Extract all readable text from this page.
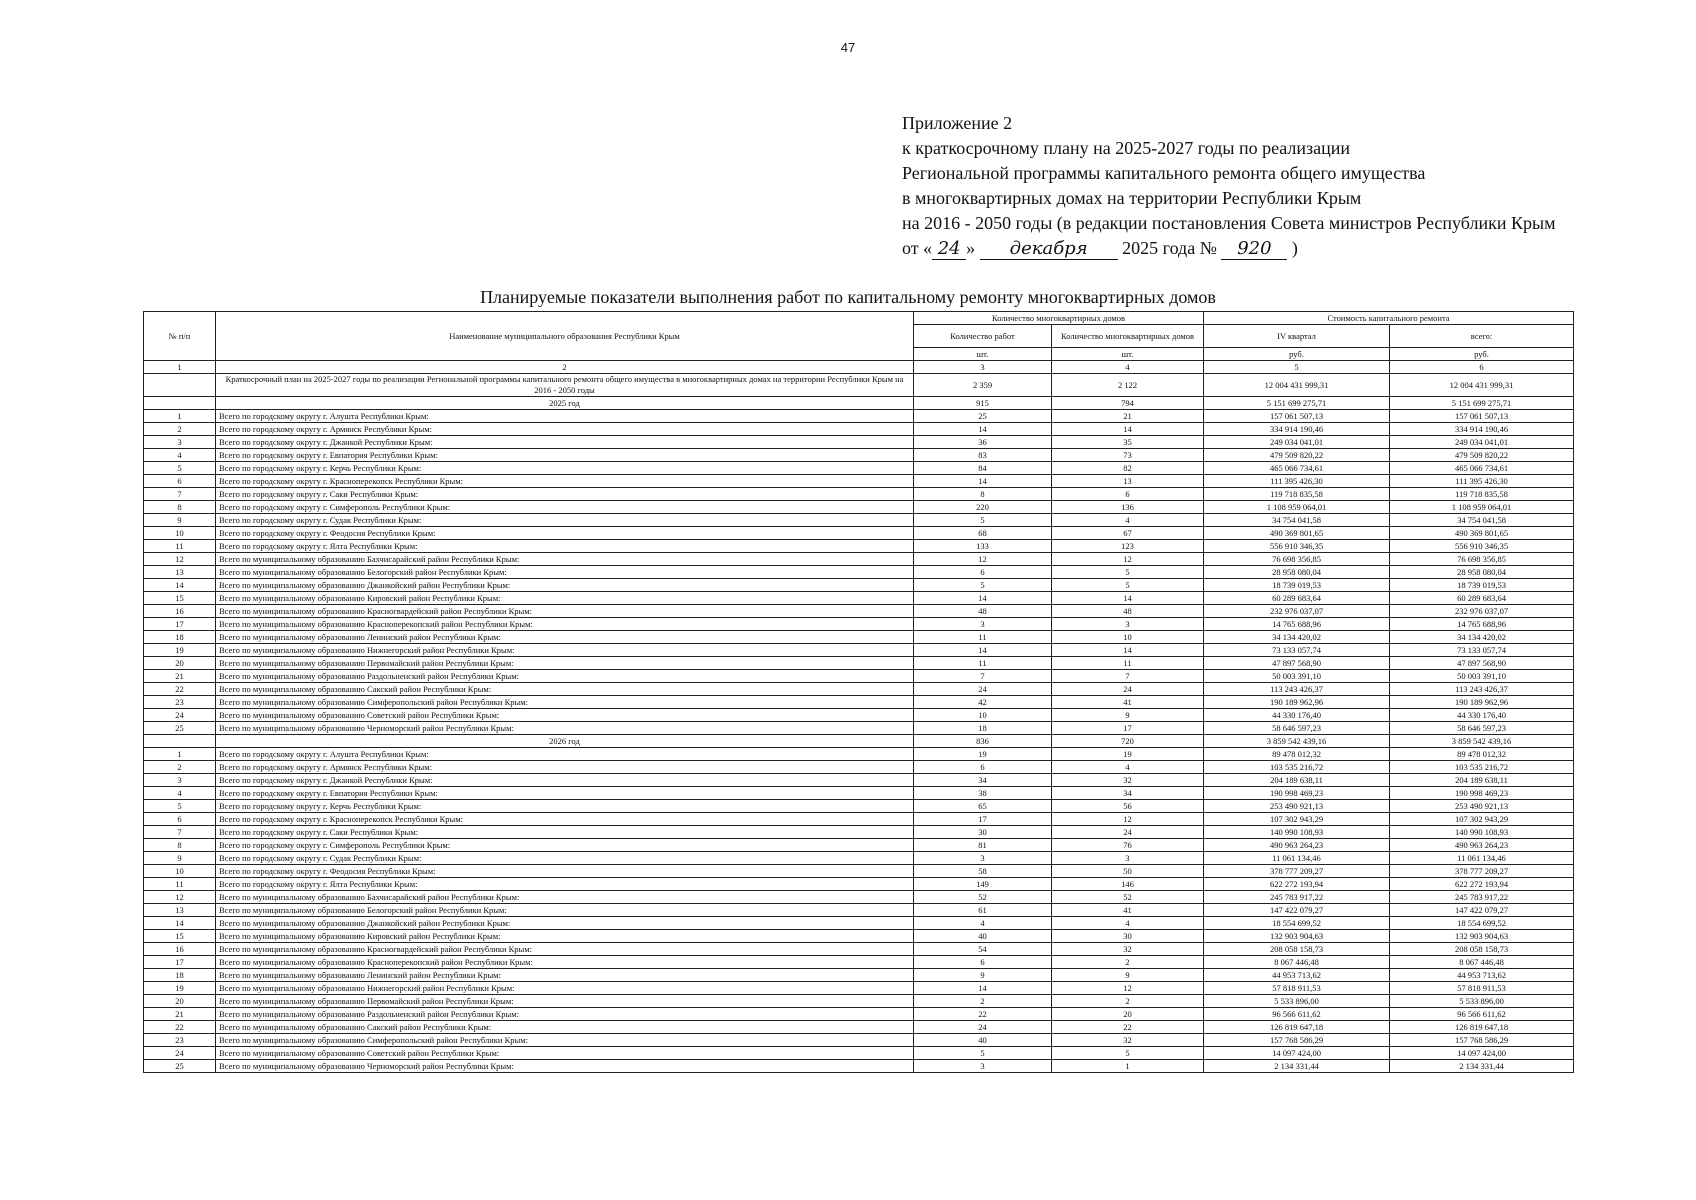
47
Приложение 2
к краткосрочному плану на 2025-2027 годы по реализации
Региональной программы капитального ремонта общего имущества
в многоквартирных домах на территории Республики Крым
на 2016 - 2050 годы (в редакции постановления Совета министров Республики Крым
от « 24 » декабря 2025 года № 920 )
Планируемые показатели выполнения работ по капитальному ремонту многоквартирных домов
№ п/п	Наименование муниципального образования Республики Крым	Количество многоквартирных домов		Стоимость капитального ремонта	
		Количество работ	Количество многоквартирных домов	IV квартал	всего:
		шт.	шт.	руб.	руб.
1	2	3	4	5	6
	Краткосрочный план на 2025-2027 годы по реализации Региональной программы капитального ремонта общего имущества в многоквартирных домах на территории Республики Крым на 2016 - 2050 годы	2 359	2 122	12 004 431 999,31	12 004 431 999,31
	2025 год	915	794	5 151 699 275,71	5 151 699 275,71
1	Всего по городскому округу г. Алушта Республики Крым:	25	21	157 061 507,13	157 061 507,13
2	Всего по городскому округу г. Армянск Республики Крым:	14	14	334 914 190,46	334 914 190,46
3	Всего по городскому округу г. Джанкой Республики Крым:	36	35	249 034 041,01	249 034 041,01
4	Всего по городскому округу г. Евпатория Республики Крым:	83	73	479 509 820,22	479 509 820,22
5	Всего по городскому округу г. Керчь Республики Крым:	84	82	465 066 734,61	465 066 734,61
6	Всего по городскому округу г. Красноперекопск Республики Крым:	14	13	111 395 426,30	111 395 426,30
7	Всего по городскому округу г. Саки Республики Крым:	8	6	119 718 835,58	119 718 835,58
8	Всего по городскому округу г. Симферополь Республики Крым:	220	136	1 108 959 064,01	1 108 959 064,01
9	Всего по городскому округу г. Судак Республики Крым:	5	4	34 754 041,58	34 754 041,58
10	Всего по городскому округу г. Феодосия Республики Крым:	68	67	490 369 801,65	490 369 801,65
11	Всего по городскому округу г. Ялта Республики Крым:	133	123	556 910 346,35	556 910 346,35
12	Всего по муниципальному образованию Бахчисарайский район Республики Крым:	12	12	76 698 356,85	76 698 356,85
13	Всего по муниципальному образованию Белогорский район Республики Крым:	6	5	28 958 080,04	28 958 080,04
14	Всего по муниципальному образованию Джанкойский район Республики Крым:	5	5	18 739 019,53	18 739 019,53
15	Всего по муниципальному образованию Кировский район Республики Крым:	14	14	60 289 683,64	60 289 683,64
16	Всего по муниципальному образованию Красногвардейский район Республики Крым:	48	48	232 976 037,07	232 976 037,07
17	Всего по муниципальному образованию Красноперекопский район Республики Крым:	3	3	14 765 688,96	14 765 688,96
18	Всего по муниципальному образованию Ленинский район Республики Крым:	11	10	34 134 420,02	34 134 420,02
19	Всего по муниципальному образованию Нижнегорский район Республики Крым:	14	14	73 133 057,74	73 133 057,74
20	Всего по муниципальному образованию Первомайский район Республики Крым:	11	11	47 897 568,90	47 897 568,90
21	Всего по муниципальному образованию Раздольненский район Республики Крым:	7	7	50 003 391,10	50 003 391,10
22	Всего по муниципальному образованию Сакский район Республики Крым:	24	24	113 243 426,37	113 243 426,37
23	Всего по муниципальному образованию Симферопольский район Республики Крым:	42	41	190 189 962,96	190 189 962,96
24	Всего по муниципальному образованию Советский район Республики Крым:	10	9	44 330 176,40	44 330 176,40
25	Всего по муниципальному образованию Черноморский район Республики Крым:	18	17	58 646 597,23	58 646 597,23
	2026 год	836	720	3 859 542 439,16	3 859 542 439,16
1	Всего по городскому округу г. Алушта Республики Крым:	19	19	89 478 012,32	89 478 012,32
2	Всего по городскому округу г. Армянск Республики Крым:	6	4	103 535 216,72	103 535 216,72
3	Всего по городскому округу г. Джанкой Республики Крым:	34	32	204 189 638,11	204 189 638,11
4	Всего по городскому округу г. Евпатория Республики Крым:	38	34	190 998 469,23	190 998 469,23
5	Всего по городскому округу г. Керчь Республики Крым:	65	56	253 490 921,13	253 490 921,13
6	Всего по городскому округу г. Красноперекопск Республики Крым:	17	12	107 302 943,29	107 302 943,29
7	Всего по городскому округу г. Саки Республики Крым:	30	24	140 990 108,93	140 990 108,93
8	Всего по городскому округу г. Симферополь Республики Крым:	81	76	490 963 264,23	490 963 264,23
9	Всего по городскому округу г. Судак Республики Крым:	3	3	11 061 134,46	11 061 134,46
10	Всего по городскому округу г. Феодосия Республики Крым:	58	50	378 777 209,27	378 777 209,27
11	Всего по городскому округу г. Ялта Республики Крым:	149	146	622 272 193,94	622 272 193,94
12	Всего по муниципальному образованию Бахчисарайский район Республики Крым:	52	52	245 783 917,22	245 783 917,22
13	Всего по муниципальному образованию Белогорский район Республики Крым:	61	41	147 422 079,27	147 422 079,27
14	Всего по муниципальному образованию Джанкойский район Республики Крым:	4	4	18 554 699,52	18 554 699,52
15	Всего по муниципальному образованию Кировский район Республики Крым:	40	30	132 903 904,63	132 903 904,63
16	Всего по муниципальному образованию Красногвардейский район Республики Крым:	54	32	208 058 158,73	208 058 158,73
17	Всего по муниципальному образованию Красноперекопский район Республики Крым:	6	2	8 067 446,48	8 067 446,48
18	Всего по муниципальному образованию Ленинский район Республики Крым:	9	9	44 953 713,62	44 953 713,62
19	Всего по муниципальному образованию Нижнегорский район Республики Крым:	14	12	57 818 911,53	57 818 911,53
20	Всего по муниципальному образованию Первомайский район Республики Крым:	2	2	5 533 896,00	5 533 896,00
21	Всего по муниципальному образованию Раздольненский район Республики Крым:	22	20	96 566 611,62	96 566 611,62
22	Всего по муниципальному образованию Сакский район Республики Крым:	24	22	126 819 647,18	126 819 647,18
23	Всего по муниципальному образованию Симферопольский район Республики Крым:	40	32	157 768 586,29	157 768 586,29
24	Всего по муниципальному образованию Советский район Республики Крым:	5	5	14 097 424,00	14 097 424,00
25	Всего по муниципальному образованию Черноморский район Республики Крым:	3	1	2 134 331,44	2 134 331,44
